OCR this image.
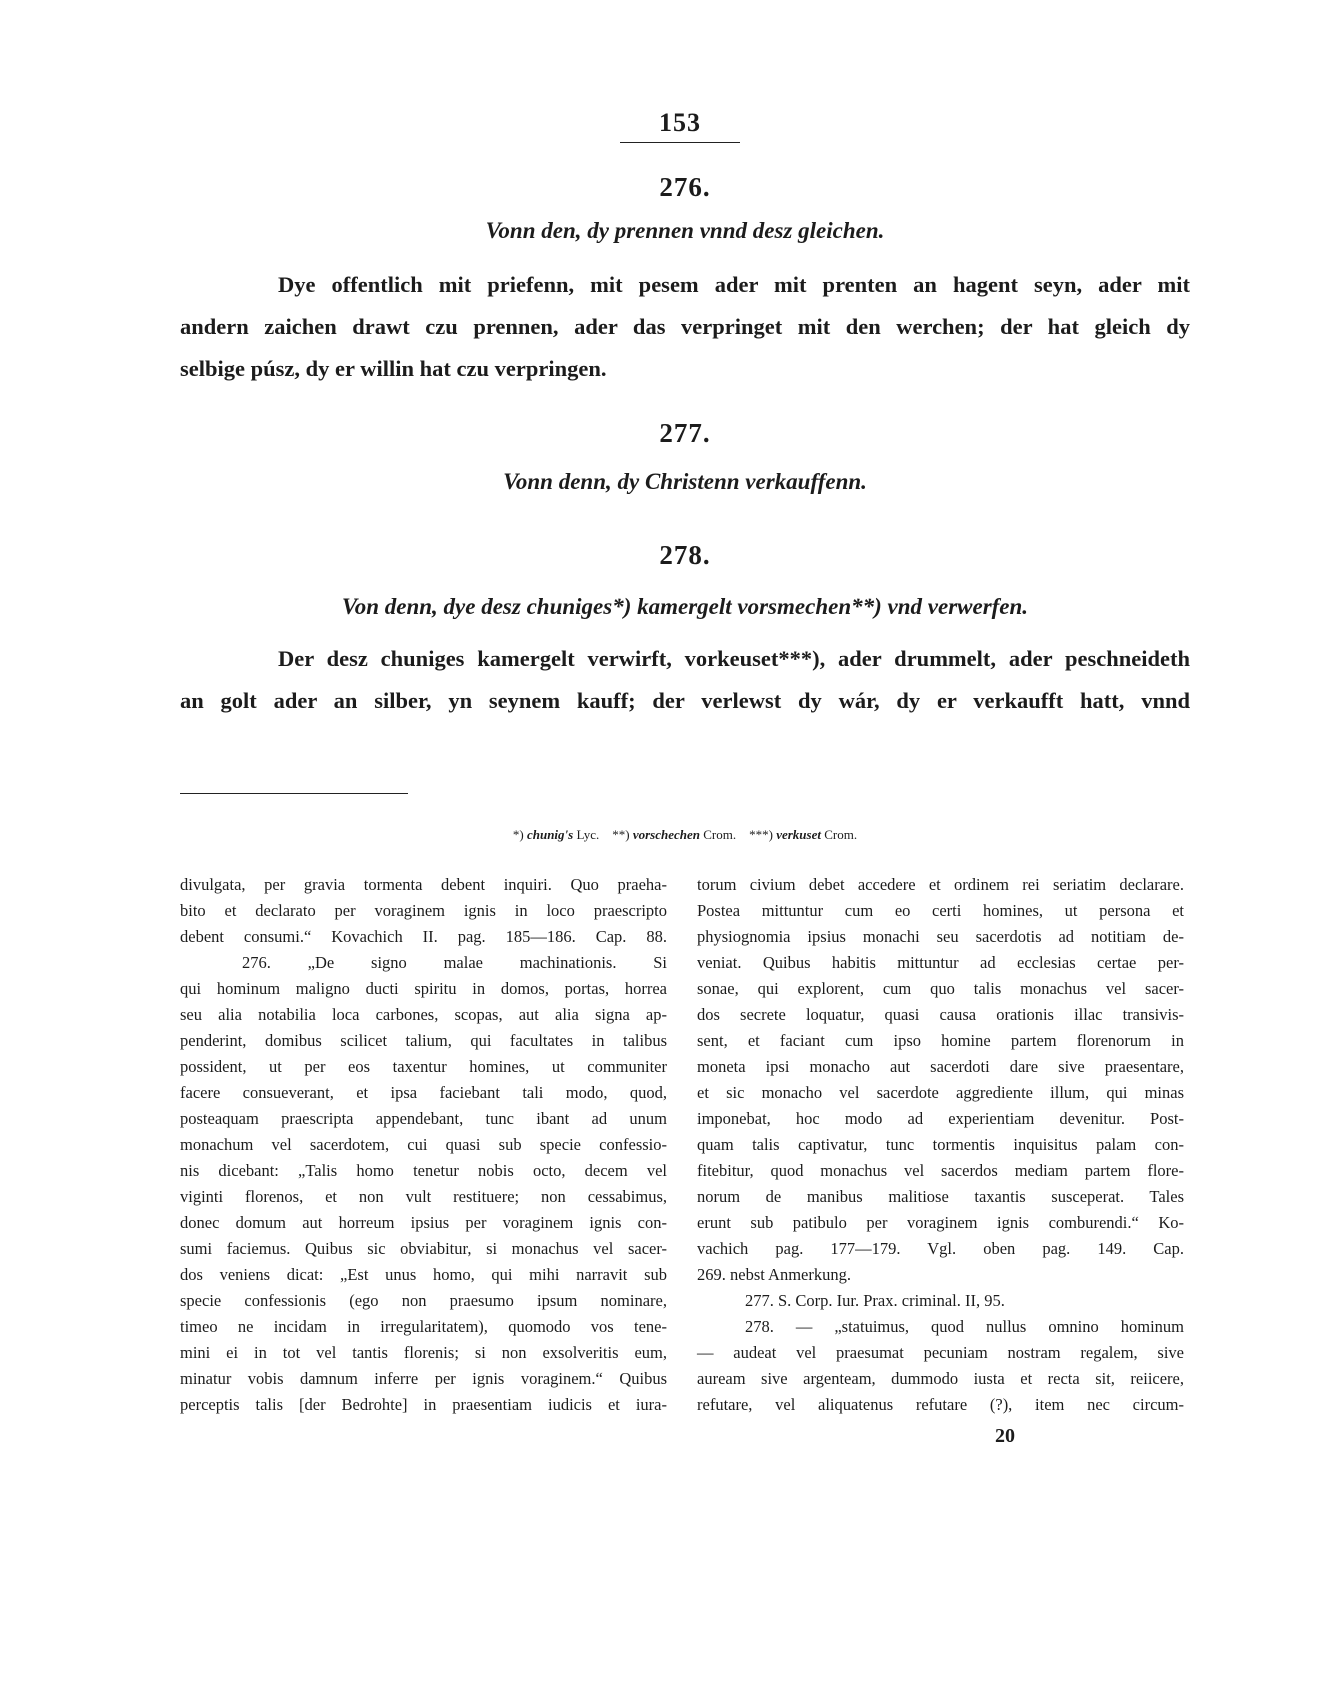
153
276.
Vonn den, dy prennen vnnd desz gleichen.
Dye offentlich mit priefenn, mit pesem ader mit prenten an hagent seyn, ader mit
andern zaichen drawt czu prennen, ader das verpringet mit den werchen; der hat gleich dy
selbige púsz, dy er willin hat czu verpringen.
277.
Vonn denn, dy Christenn verkauffenn.
278.
Von denn, dye desz chuniges*) kamergelt vorsmechen**) vnd verwerfen.
Der desz chuniges kamergelt verwirft, vorkeuset***), ader drummelt, ader peschneideth
an golt ader an silber, yn seynem kauff; der verlewst dy wár, dy er verkaufft hatt, vnnd
*) chunig's Lyc. **) vorschechen Crom. ***) verkuset Crom.
divulgata, per gravia tormenta debent inquiri. Quo praeha-
bito et declarato per voraginem ignis in loco praescripto
debent consumi.“ Kovachich II. pag. 185—186. Cap. 88.
276. „De signo malae machinationis. Si
qui hominum maligno ducti spiritu in domos, portas, horrea
seu alia notabilia loca carbones, scopas, aut alia signa ap-
penderint, domibus scilicet talium, qui facultates in talibus
possident, ut per eos taxentur homines, ut communiter
facere consueverant, et ipsa faciebant tali modo, quod,
posteaquam praescripta appendebant, tunc ibant ad unum
monachum vel sacerdotem, cui quasi sub specie confessio-
nis dicebant: „Talis homo tenetur nobis octo, decem vel
viginti florenos, et non vult restituere; non cessabimus,
donec domum aut horreum ipsius per voraginem ignis con-
sumi faciemus. Quibus sic obviabitur, si monachus vel sacer-
dos veniens dicat: „Est unus homo, qui mihi narravit sub
specie confessionis (ego non praesumo ipsum nominare,
timeo ne incidam in irregularitatem), quomodo vos tene-
mini ei in tot vel tantis florenis; si non exsolveritis eum,
minatur vobis damnum inferre per ignis voraginem.“ Quibus
perceptis talis [der Bedrohte] in praesentiam iudicis et iura-
torum civium debet accedere et ordinem rei seriatim declarare.
Postea mittuntur cum eo certi homines, ut persona et
physiognomia ipsius monachi seu sacerdotis ad notitiam de-
veniat. Quibus habitis mittuntur ad ecclesias certae per-
sonae, qui explorent, cum quo talis monachus vel sacer-
dos secrete loquatur, quasi causa orationis illac transivis-
sent, et faciant cum ipso homine partem florenorum in
moneta ipsi monacho aut sacerdoti dare sive praesentare,
et sic monacho vel sacerdote aggrediente illum, qui minas
imponebat, hoc modo ad experientiam devenitur. Post-
quam talis captivatur, tunc tormentis inquisitus palam con-
fitebitur, quod monachus vel sacerdos mediam partem flore-
norum de manibus malitiose taxantis susceperat. Tales
erunt sub patibulo per voraginem ignis comburendi.“ Ko-
vachich pag. 177—179. Vgl. oben pag. 149. Cap.
269. nebst Anmerkung.
277. S. Corp. Iur. Prax. criminal. II, 95.
278. — „statuimus, quod nullus omnino hominum
— audeat vel praesumat pecuniam nostram regalem, sive
auream sive argenteam, dummodo iusta et recta sit, reiicere,
refutare, vel aliquatenus refutare (?), item nec circum-
20
